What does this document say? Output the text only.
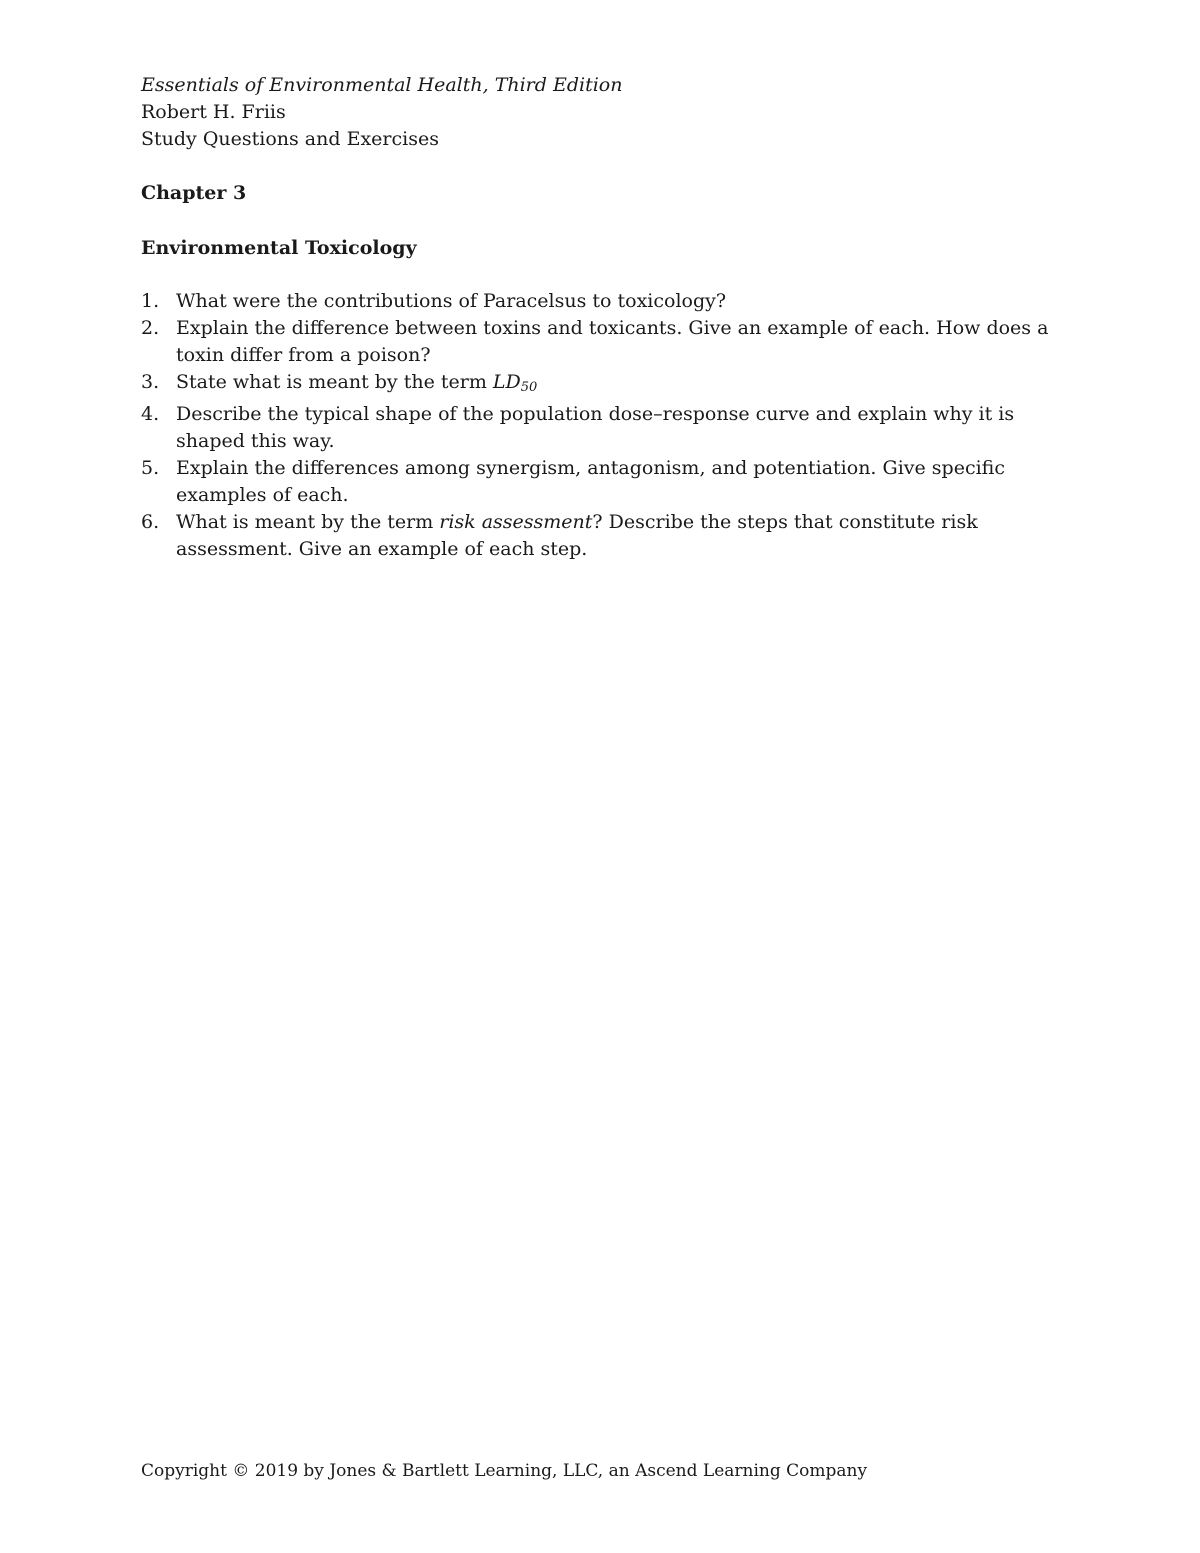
Essentials of Environmental Health, Third Edition
Robert H. Friis
Study Questions and Exercises
Chapter 3
Environmental Toxicology
1. What were the contributions of Paracelsus to toxicology?
2. Explain the difference between toxins and toxicants. Give an example of each. How does a toxin differ from a poison?
3. State what is meant by the term $LD_{50}$
4. Describe the typical shape of the population dose–response curve and explain why it is shaped this way.
5. Explain the differences among synergism, antagonism, and potentiation. Give specific examples of each.
6. What is meant by the term risk assessment? Describe the steps that constitute risk assessment. Give an example of each step.
Copyright © 2019 by Jones & Bartlett Learning, LLC, an Ascend Learning Company
